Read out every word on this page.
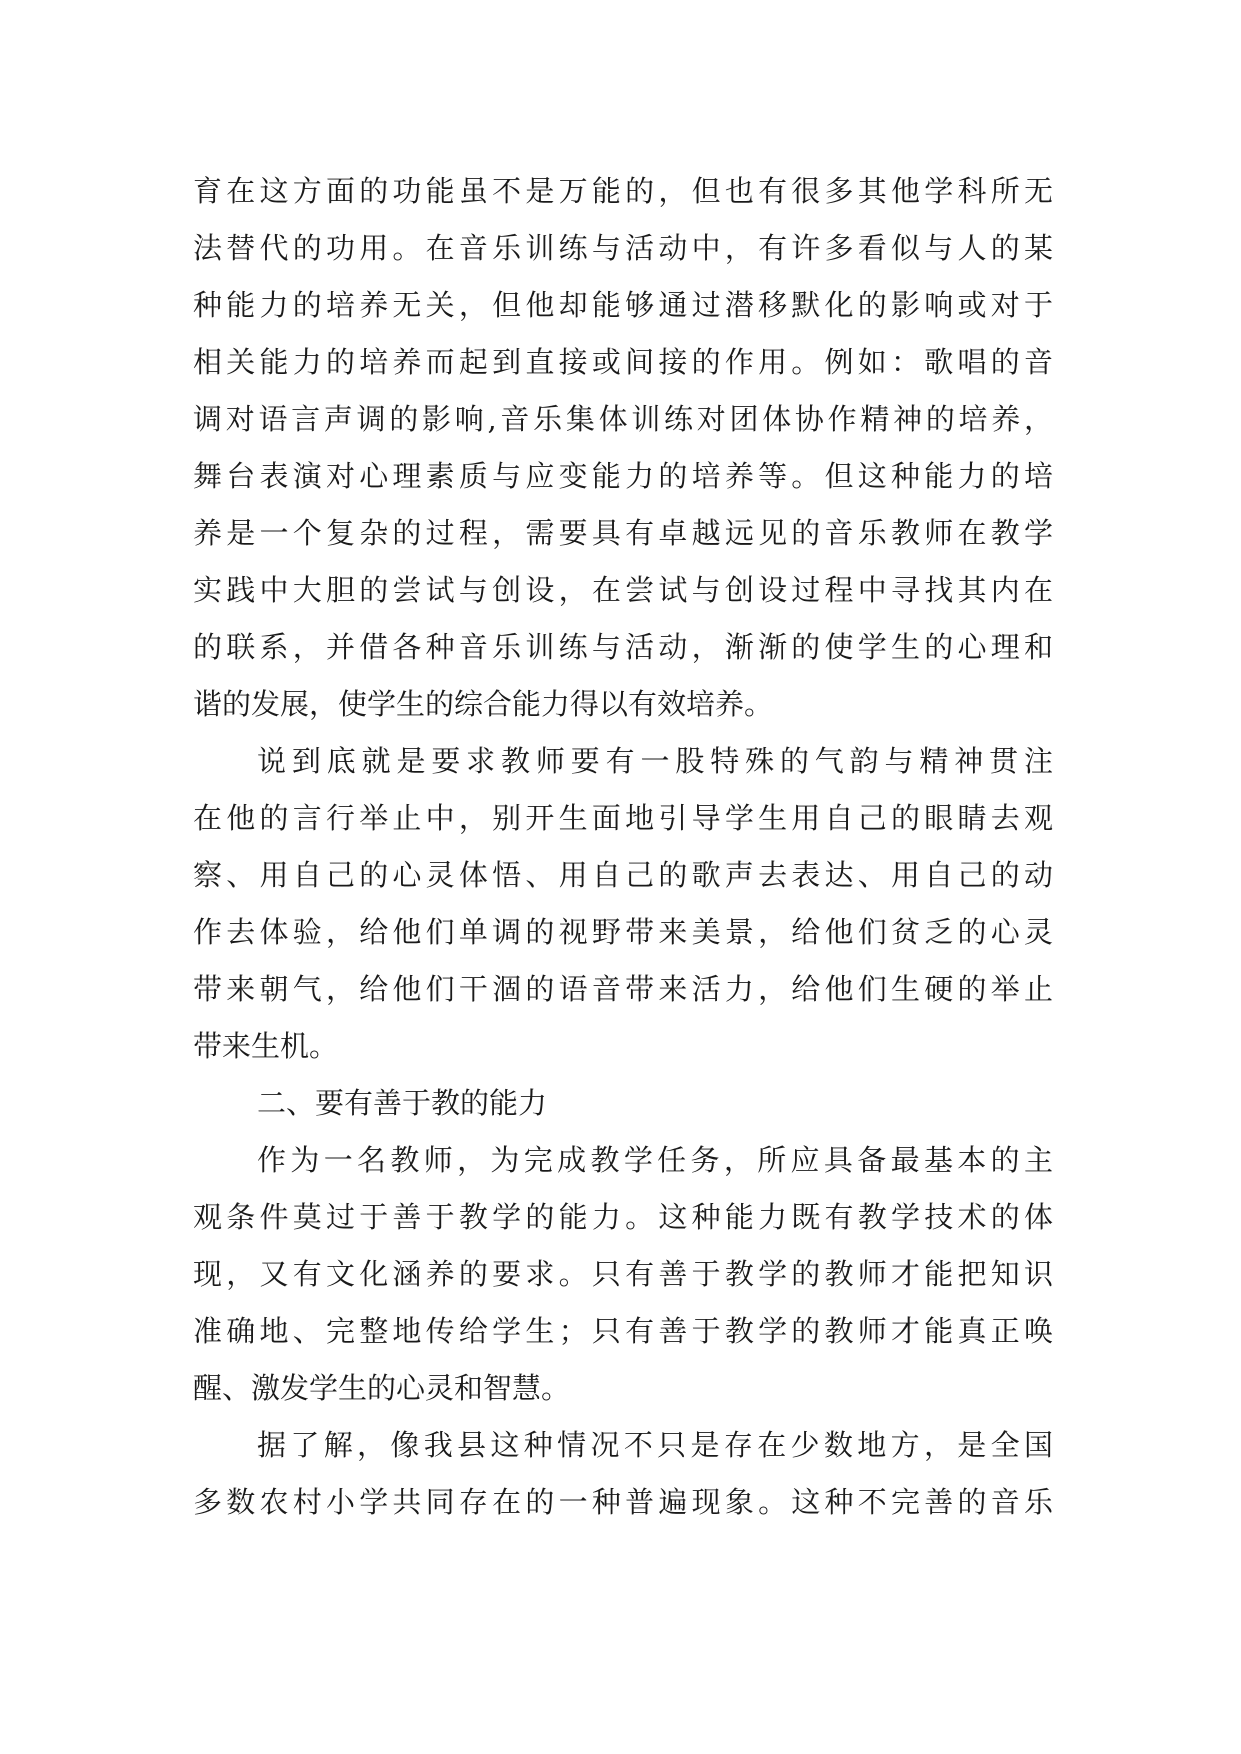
育在这方面的功能虽不是万能的，但也有很多其他学科所无
法替代的功用。在音乐训练与活动中，有许多看似与人的某
种能力的培养无关，但他却能够通过潜移默化的影响或对于
相关能力的培养而起到直接或间接的作用。例如：歌唱的音
调对语言声调的影响,音乐集体训练对团体协作精神的培养，
舞台表演对心理素质与应变能力的培养等。但这种能力的培
养是一个复杂的过程，需要具有卓越远见的音乐教师在教学
实践中大胆的尝试与创设，在尝试与创设过程中寻找其内在
的联系，并借各种音乐训练与活动，渐渐的使学生的心理和
谐的发展，使学生的综合能力得以有效培养。
说到底就是要求教师要有一股特殊的气韵与精神贯注
在他的言行举止中，别开生面地引导学生用自己的眼睛去观
察、用自己的心灵体悟、用自己的歌声去表达、用自己的动
作去体验，给他们单调的视野带来美景，给他们贫乏的心灵
带来朝气，给他们干涸的语音带来活力，给他们生硬的举止
带来生机。
二、要有善于教的能力
作为一名教师，为完成教学任务，所应具备最基本的主
观条件莫过于善于教学的能力。这种能力既有教学技术的体
现，又有文化涵养的要求。只有善于教学的教师才能把知识
准确地、完整地传给学生；只有善于教学的教师才能真正唤
醒、激发学生的心灵和智慧。
据了解，像我县这种情况不只是存在少数地方，是全国
多数农村小学共同存在的一种普遍现象。这种不完善的音乐
